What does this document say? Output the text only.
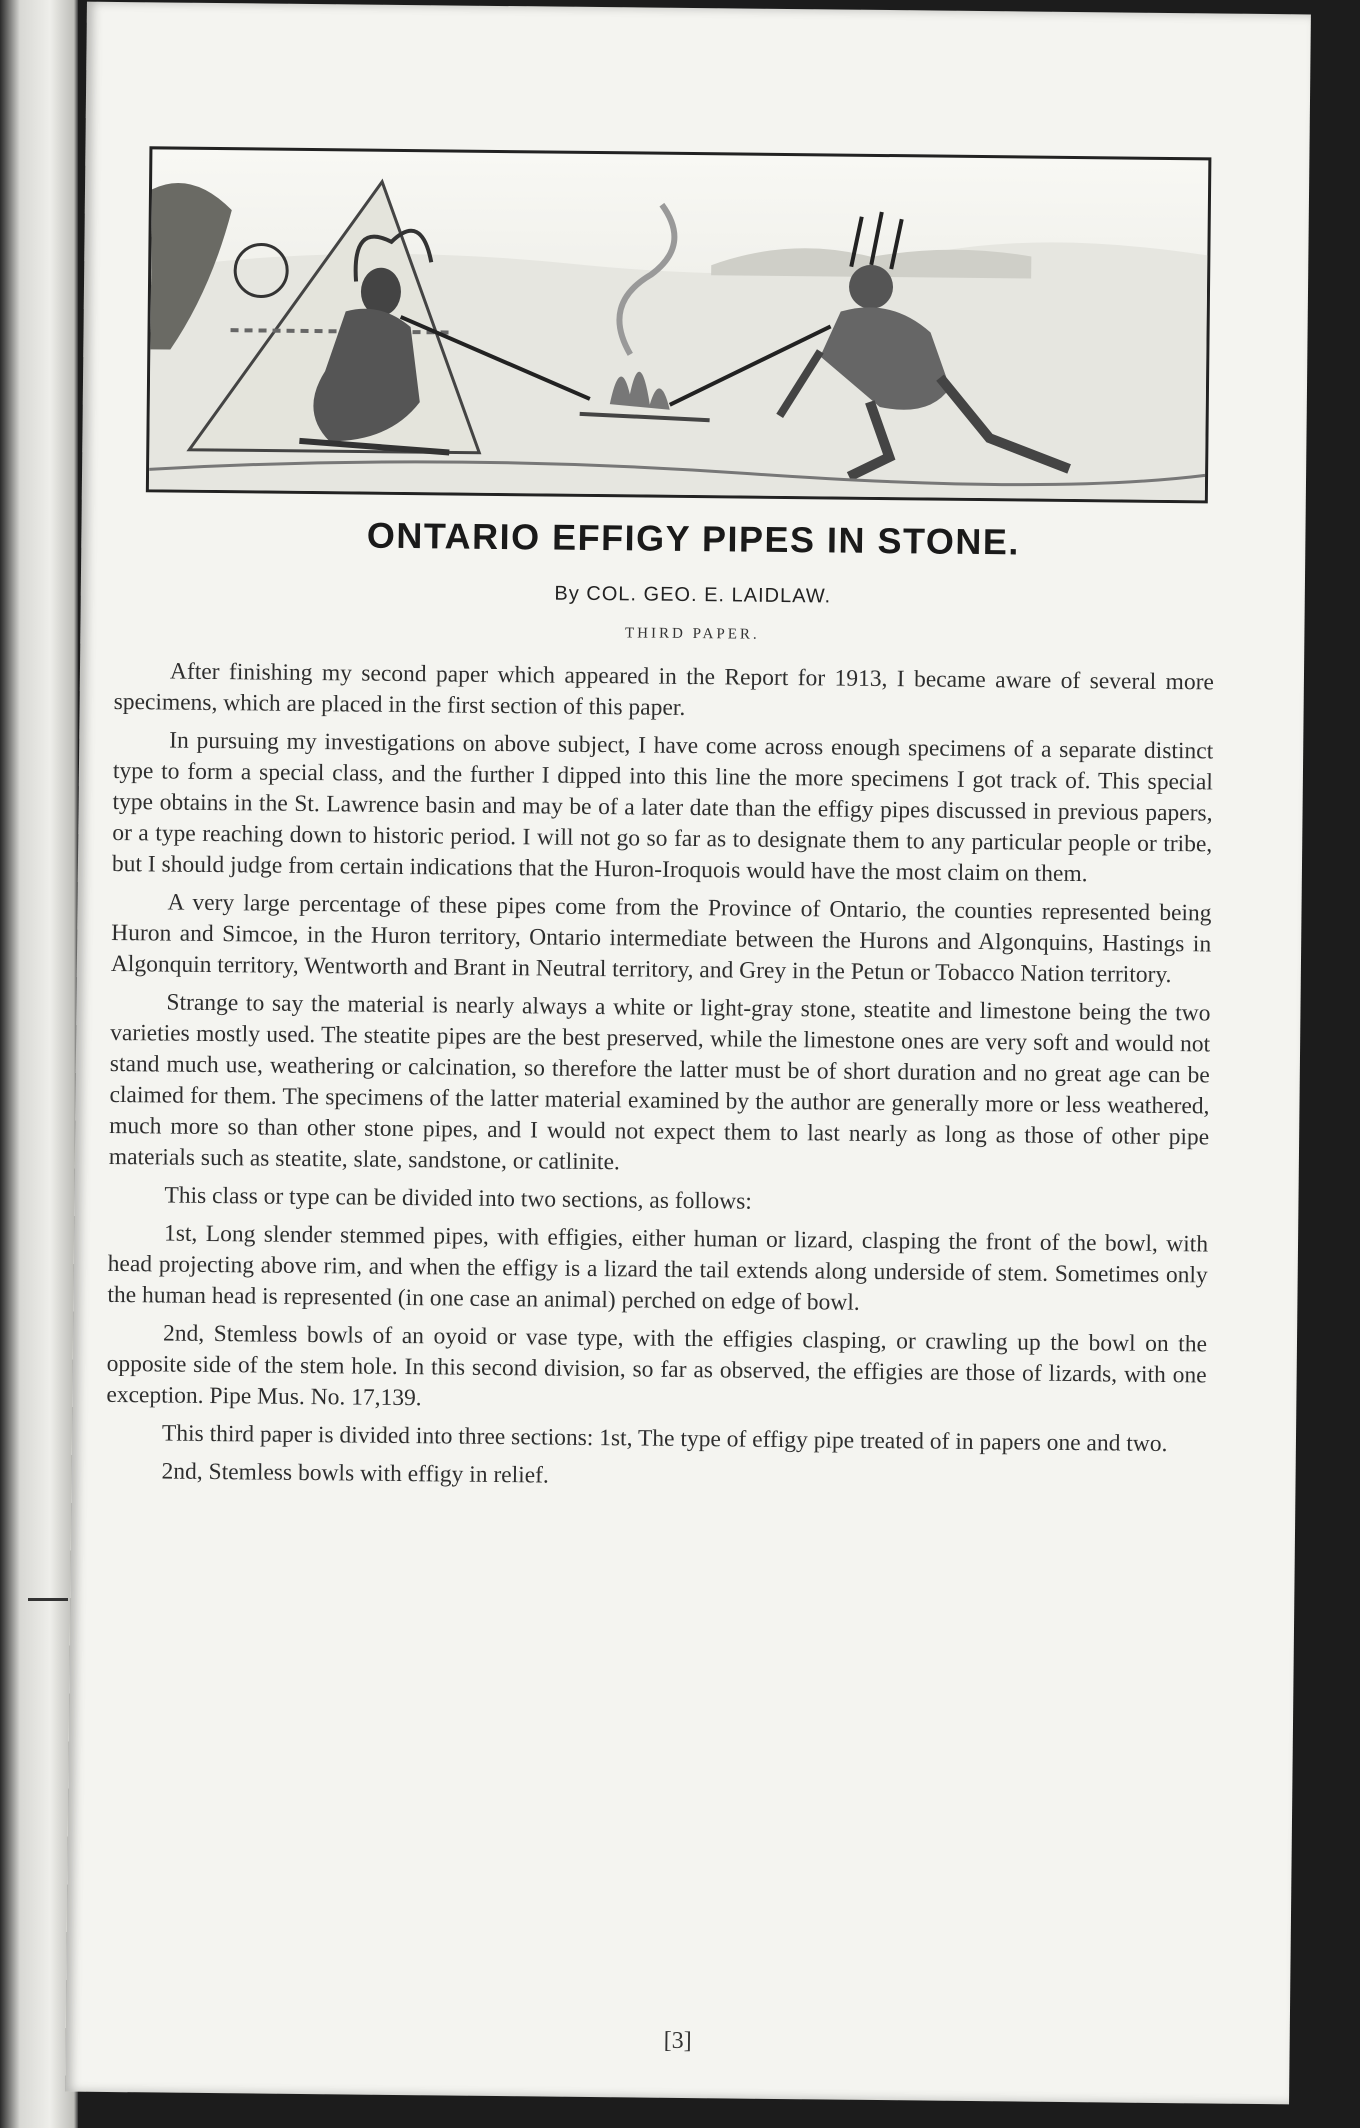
ONTARIO EFFIGY PIPES IN STONE.
By COL. GEO. E. LAIDLAW.
THIRD PAPER.

After finishing my second paper which appeared in the Report for 1913, I became aware of several more specimens, which are placed in the first section of this paper.

In pursuing my investigations on above subject, I have come across enough specimens of a separate distinct type to form a special class, and the further I dipped into this line the more specimens I got track of. This special type obtains in the St. Lawrence basin and may be of a later date than the effigy pipes discussed in previous papers, or a type reaching down to historic period. I will not go so far as to designate them to any particular people or tribe, but I should judge from certain indications that the Huron-Iroquois would have the most claim on them.

A very large percentage of these pipes come from the Province of Ontario, the counties represented being Huron and Simcoe, in the Huron territory, Ontario intermediate between the Hurons and Algonquins, Hastings in Algonquin territory, Wentworth and Brant in Neutral territory, and Grey in the Petun or Tobacco Nation territory.

Strange to say the material is nearly always a white or light-gray stone, steatite and limestone being the two varieties mostly used. The steatite pipes are the best preserved, while the limestone ones are very soft and would not stand much use, weathering or calcination, so therefore the latter must be of short duration and no great age can be claimed for them. The specimens of the latter material examined by the author are generally more or less weathered, much more so than other stone pipes, and I would not expect them to last nearly as long as those of other pipe materials such as steatite, slate, sandstone, or catlinite.

This class or type can be divided into two sections, as follows:

1st, Long slender stemmed pipes, with effigies, either human or lizard, clasping the front of the bowl, with head projecting above rim, and when the effigy is a lizard the tail extends along underside of stem. Sometimes only the human head is represented (in one case an animal) perched on edge of bowl.

2nd, Stemless bowls of an oyoid or vase type, with the effigies clasping, or crawling up the bowl on the opposite side of the stem hole. In this second division, so far as observed, the effigies are those of lizards, with one exception. Pipe Mus. No. 17,139.

This third paper is divided into three sections: 1st, The type of effigy pipe treated of in papers one and two.

2nd, Stemless bowls with effigy in relief.

[3]
